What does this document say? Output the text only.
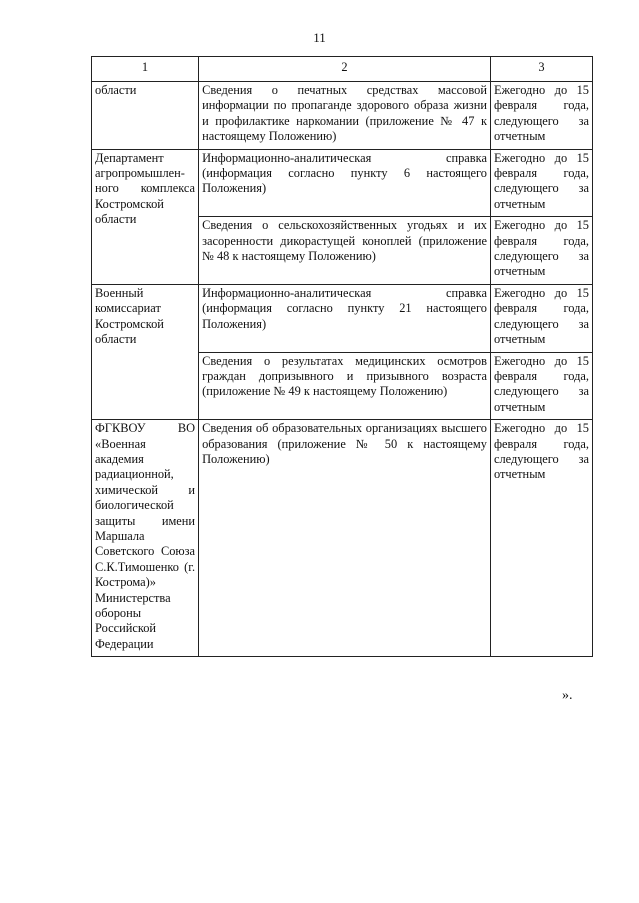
11
1	2	3
области	Сведения о печатных средствах массовой информации по пропаганде здорового образа жизни и профилактике наркомании (приложение № 47 к настоящему Положению)	Ежегодно до 15 февраля года, следующего за отчетным
Департамент агропромышленного комплекса Костромской области	Информационно-аналитическая справка (информация согласно пункту 6 настоящего Положения)	Ежегодно до 15 февраля года, следующего за отчетным
	Сведения о сельскохозяйственных угодьях и их засоренности дикорастущей коноплей (приложение № 48 к настоящему Положению)	Ежегодно до 15 февраля года, следующего за отчетным
Военный комиссариат Костромской области	Информационно-аналитическая справка (информация согласно пункту 21 настоящего Положения)	Ежегодно до 15 февраля года, следующего за отчетным
	Сведения о результатах медицинских осмотров граждан допризывного и призывного возраста (приложение № 49 к настоящему Положению)	Ежегодно до 15 февраля года, следующего за отчетным
ФГКВОУ ВО «Военная академия радиационной, химической и биологической защиты имени Маршала Советского Союза С.К.Тимошенко (г. Кострома)» Министерства обороны Российской Федерации	Сведения об образовательных организациях высшего образования (приложение № 50 к настоящему Положению)	Ежегодно до 15 февраля года, следующего за отчетным
».
